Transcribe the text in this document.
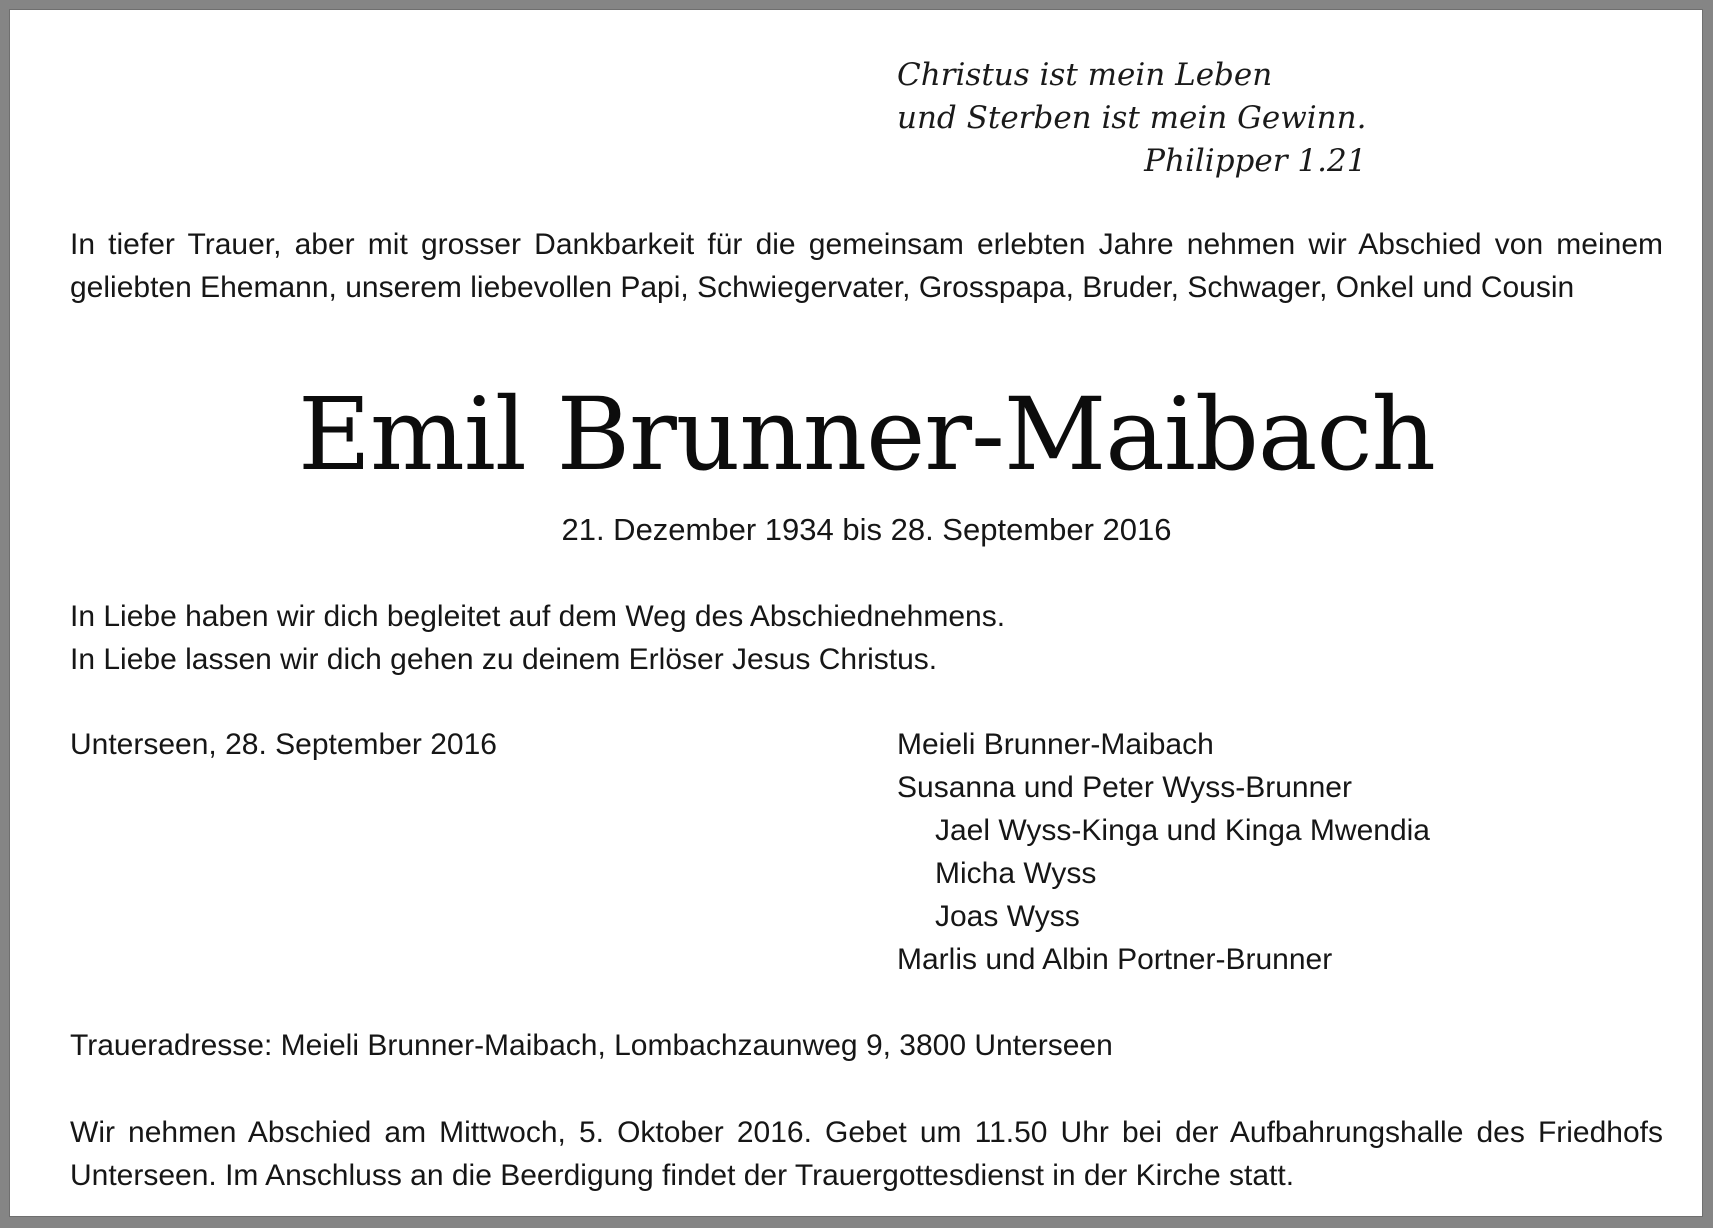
Christus ist mein Leben
und Sterben ist mein Gewinn.
Philipper 1.21
In tiefer Trauer, aber mit grosser Dankbarkeit für die gemeinsam erlebten Jahre nehmen wir Abschied von meinem geliebten Ehemann, unserem liebevollen Papi, Schwiegervater, Grosspapa, Bruder, Schwager, Onkel und Cousin
Emil Brunner-Maibach
21. Dezember 1934 bis 28. September 2016
In Liebe haben wir dich begleitet auf dem Weg des Abschiednehmens.
In Liebe lassen wir dich gehen zu deinem Erlöser Jesus Christus.
Unterseen, 28. September 2016	Meieli Brunner-Maibach
Susanna und Peter Wyss-Brunner
Jael Wyss-Kinga und Kinga Mwendia
Micha Wyss
Joas Wyss
Marlis und Albin Portner-Brunner
Traueradresse: Meieli Brunner-Maibach, Lombachzaunweg 9, 3800 Unterseen
Wir nehmen Abschied am Mittwoch, 5. Oktober 2016. Gebet um 11.50 Uhr bei der Aufbahrungshalle des Friedhofs Unterseen. Im Anschluss an die Beerdigung findet der Trauergottesdienst in der Kirche statt.
